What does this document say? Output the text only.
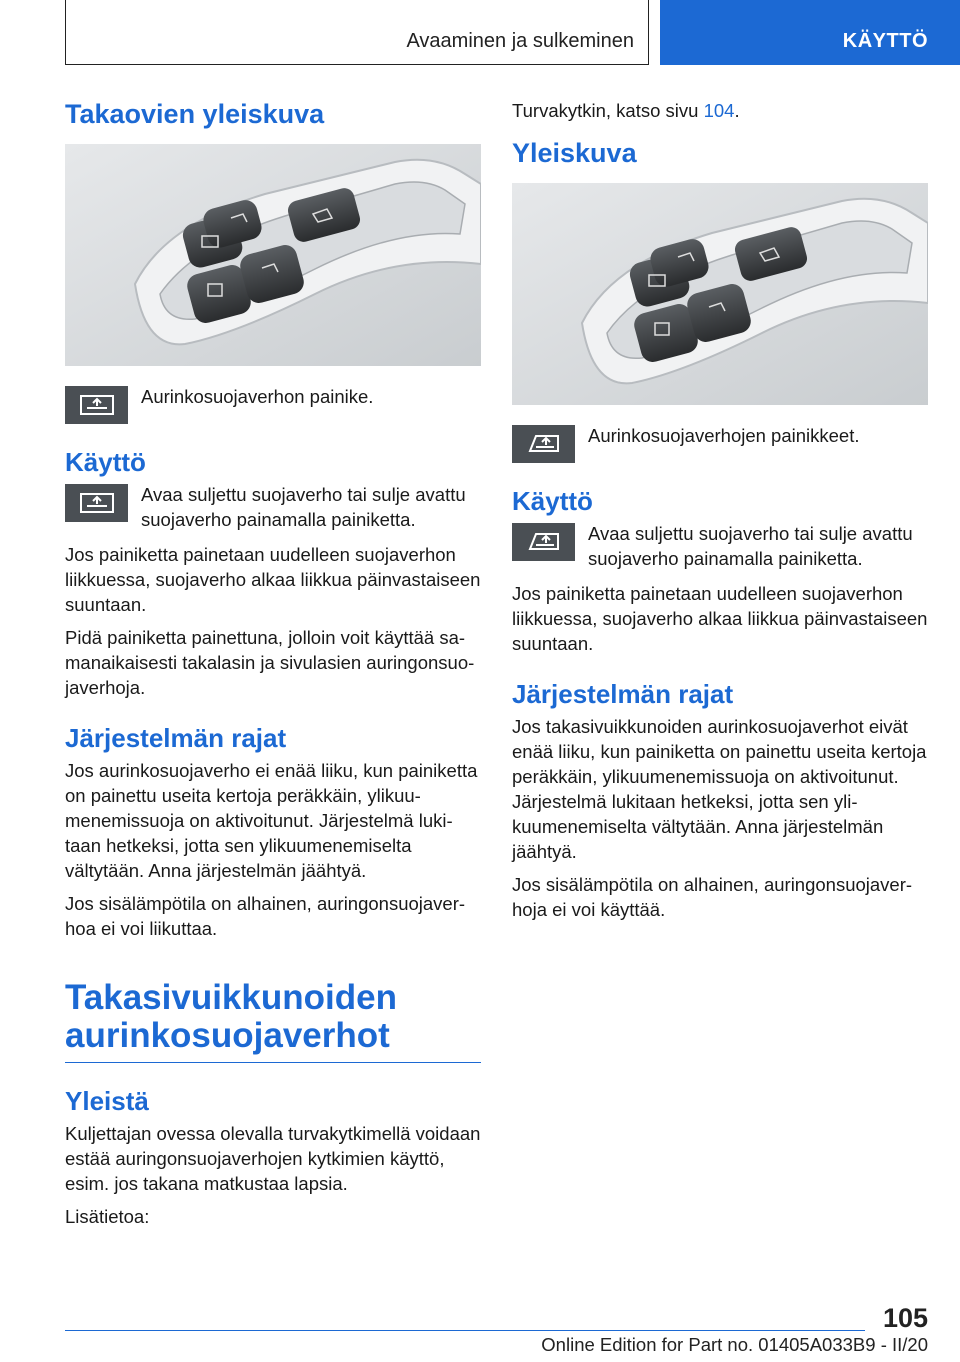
Avaaminen ja sulkeminen	KÄYTTÖ
Takaovien yleiskuva

Aurinkosuojaverhon painike.

Käyttö

Avaa suljettu suojaverho tai sulje avattu suojaverho painamalla painiketta.

Jos painiketta painetaan uudelleen suojaverhon liikkuessa, suojaverho alkaa liikkua päinvastaiseen suuntaan.

Pidä painiketta painettuna, jolloin voit käyttää samanaikaisesti takalasin ja sivulasien auringonsuojaverhoja.

Järjestelmän rajat

Jos aurinkosuojaverho ei enää liiku, kun painiketta on painettu useita kertoja peräkkäin, ylikuumenemissuoja on aktivoitunut. Järjestelmä lukitaan hetkeksi, jotta sen ylikuumenemiselta vältytään. Anna järjestelmän jäähtyä.

Jos sisälämpötila on alhainen, auringonsuojaverhoa ei voi liikuttaa.

Takasivuikkunoiden aurinkosuojaverhot
Yleistä

Kuljettajan ovessa olevalla turvakytkimellä voidaan estää auringonsuojaverhojen kytkimien käyttö, esim. jos takana matkustaa lapsia.

Lisätietoa:

Turvakytkin, katso sivu 104.

Yleiskuva

Aurinkosuojaverhojen painikkeet.

Käyttö

Avaa suljettu suojaverho tai sulje avattu suojaverho painamalla painiketta.

Jos painiketta painetaan uudelleen suojaverhon liikkuessa, suojaverho alkaa liikkua päinvastaiseen suuntaan.

Järjestelmän rajat

Jos takasivuikkunoiden aurinkosuojaverhot eivät enää liiku, kun painiketta on painettu useita kertoja peräkkäin, ylikuumenemissuoja on aktivoitunut. Järjestelmä lukitaan hetkeksi, jotta sen ylikuumenemiselta vältytään. Anna järjestelmän jäähtyä.

Jos sisälämpötila on alhainen, auringonsuojaverhoja ei voi käyttää.

105
Online Edition for Part no. 01405A033B9 - II/20
